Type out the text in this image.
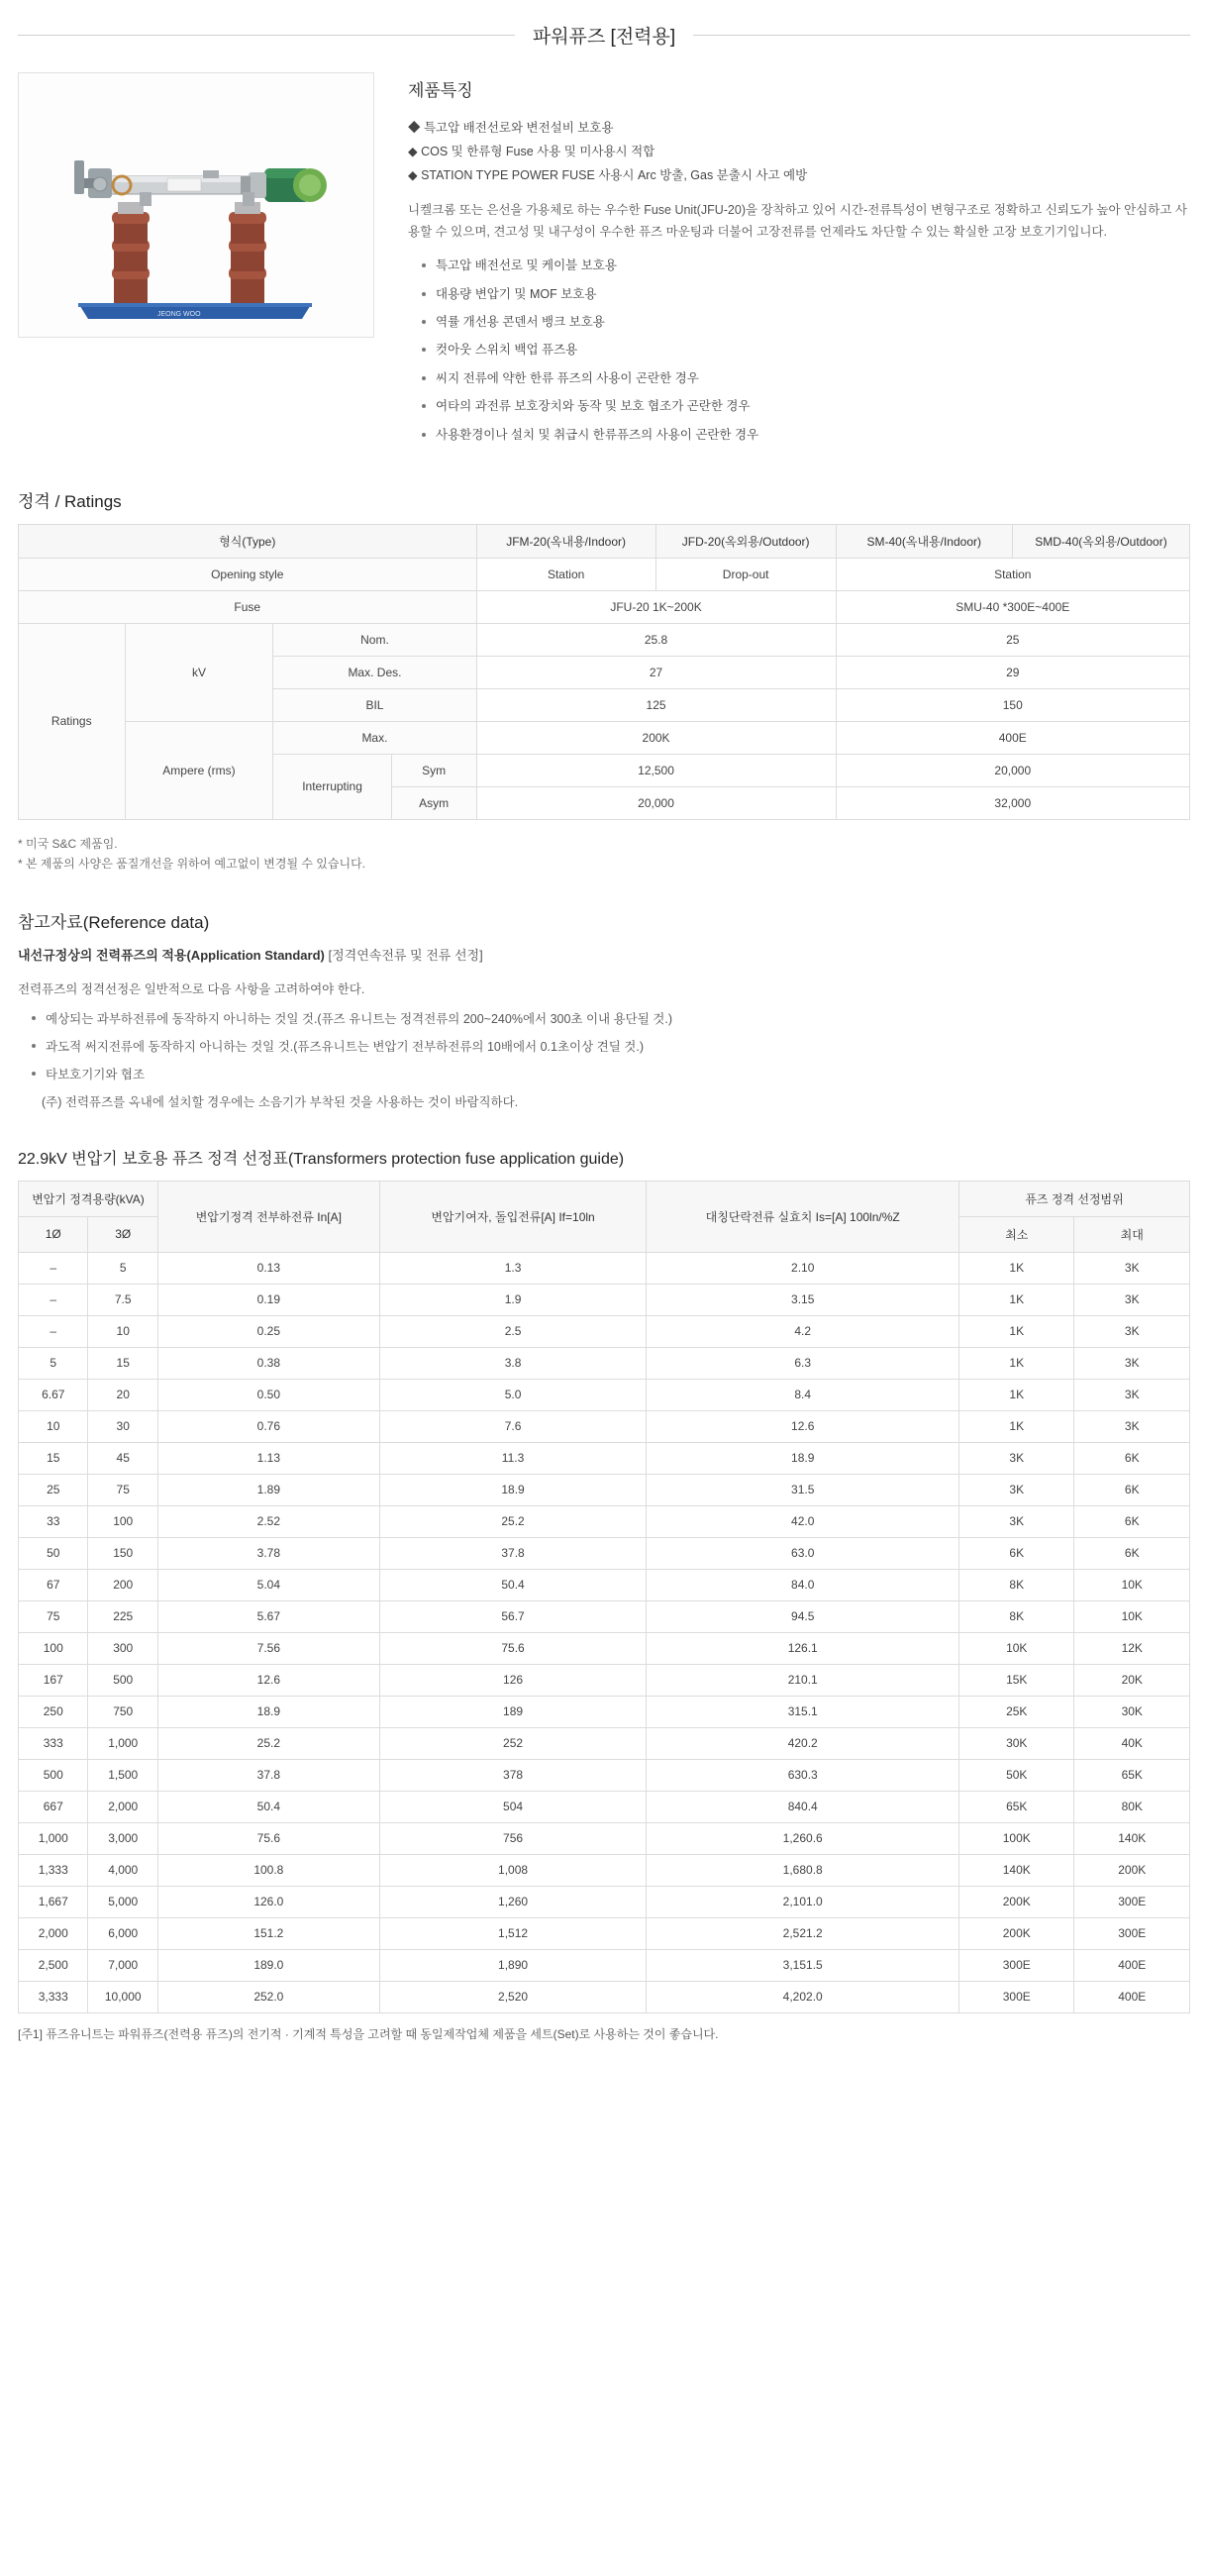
파워퓨즈 [전력용]
JEONG WOO
제품특징

◆ 특고압 배전선로와 변전설비 보호용

◆ COS 및 한류형 Fuse 사용 및 미사용시 적합

◆ STATION TYPE POWER FUSE 사용시 Arc 방출, Gas 분출시 사고 예방

니켈크롬 또는 은선을 가용체로 하는 우수한 Fuse Unit(JFU-20)을 장착하고 있어 시간-전류특성이 변형구조로 정확하고 신뢰도가 높아 안심하고 사용할 수 있으며, 견고성 및 내구성이 우수한 퓨즈 마운팅과 더불어 고장전류를 언제라도 차단할 수 있는 확실한 고장 보호기기입니다.

특고압 배전선로 및 케이블 보호용
대용량 변압기 및 MOF 보호용
역률 개선용 콘덴서 뱅크 보호용
컷아웃 스위치 백업 퓨즈용
씨지 전류에 약한 한류 퓨즈의 사용이 곤란한 경우
여타의 과전류 보호장치와 동작 및 보호 협조가 곤란한 경우
사용환경이나 설치 및 취급시 한류퓨즈의 사용이 곤란한 경우
정격 / Ratings
형식(Type)				JFM-20(옥내용/Indoor)	JFD-20(옥외용/Outdoor)	SM-40(옥내용/Indoor)	SMD-40(옥외용/Outdoor)
Opening style				Station	Drop-out	Station	
Fuse				JFU-20 1K~200K		SMU-40 *300E~400E	
Ratings	kV	Nom.		25.8		25	
		Max. Des.		27		29	
		BIL		125		150	
	Ampere (rms)	Max.		200K		400E	
		Interrupting	Sym	12,500		20,000	
			Asym	20,000		32,000	
* 미국 S&C 제품임.
* 본 제품의 사양은 품질개선을 위하여 예고없이 변경될 수 있습니다.
참고자료(Reference data)
내선규정상의 전력퓨즈의 적용(Application Standard) [정격연속전류 및 전류 선정]

전력퓨즈의 정격선정은 일반적으로 다음 사항을 고려하여야 한다.

예상되는 과부하전류에 동작하지 아니하는 것일 것.(퓨즈 유니트는 정격전류의 200~240%에서 300초 이내 용단될 것.)
과도적 써지전류에 동작하지 아니하는 것일 것.(퓨즈유니트는 변압기 전부하전류의 10배에서 0.1초이상 견딜 것.)
타보호기기와 협조
(주) 전력퓨즈를 옥내에 설치할 경우에는 소음기가 부착된 것을 사용하는 것이 바람직하다.
22.9kV 변압기 보호용 퓨즈 정격 선정표(Transformers protection fuse application guide)
변압기 정격용량(kVA)		변압기정격 전부하전류 In[A]	변압기여자, 돌입전류[A] If=10ln	대칭단락전류 실효치 Is=[A] 100ln/%Z	퓨즈 정격 선정범위	
1Ø	3Ø				최소	최대
–	5	0.13	1.3	2.10	1K	3K
–	7.5	0.19	1.9	3.15	1K	3K
–	10	0.25	2.5	4.2	1K	3K
5	15	0.38	3.8	6.3	1K	3K
6.67	20	0.50	5.0	8.4	1K	3K
10	30	0.76	7.6	12.6	1K	3K
15	45	1.13	11.3	18.9	3K	6K
25	75	1.89	18.9	31.5	3K	6K
33	100	2.52	25.2	42.0	3K	6K
50	150	3.78	37.8	63.0	6K	6K
67	200	5.04	50.4	84.0	8K	10K
75	225	5.67	56.7	94.5	8K	10K
100	300	7.56	75.6	126.1	10K	12K
167	500	12.6	126	210.1	15K	20K
250	750	18.9	189	315.1	25K	30K
333	1,000	25.2	252	420.2	30K	40K
500	1,500	37.8	378	630.3	50K	65K
667	2,000	50.4	504	840.4	65K	80K
1,000	3,000	75.6	756	1,260.6	100K	140K
1,333	4,000	100.8	1,008	1,680.8	140K	200K
1,667	5,000	126.0	1,260	2,101.0	200K	300E
2,000	6,000	151.2	1,512	2,521.2	200K	300E
2,500	7,000	189.0	1,890	3,151.5	300E	400E
3,333	10,000	252.0	2,520	4,202.0	300E	400E
[주1] 퓨즈유니트는 파워퓨즈(전력용 퓨즈)의 전기적 · 기계적 특성을 고려할 때 동일제작업체 제품을 세트(Set)로 사용하는 것이 좋습니다.
